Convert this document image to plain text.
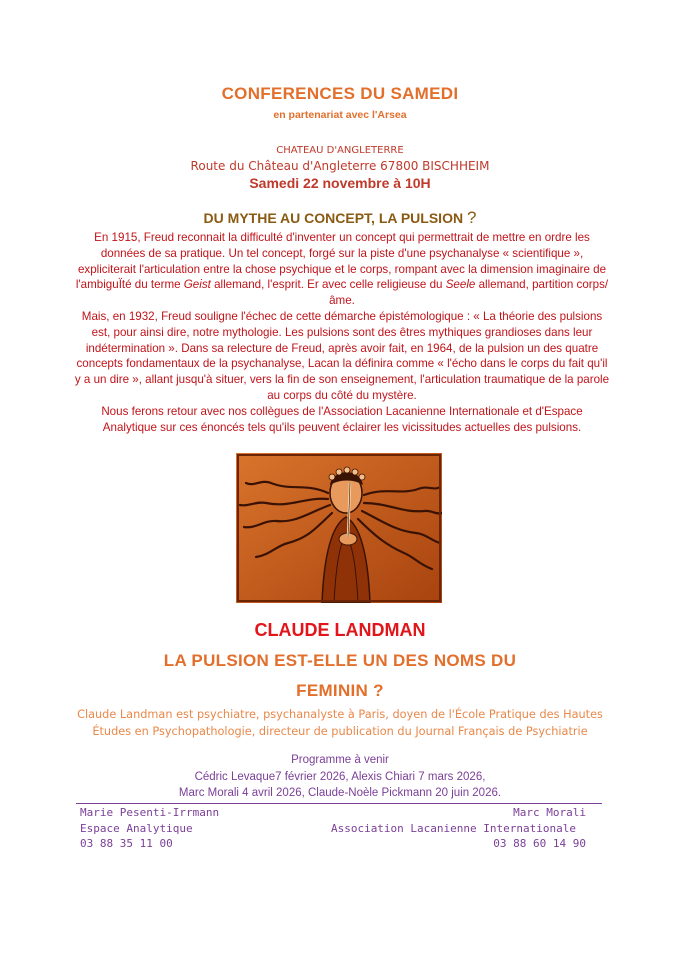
CONFERENCES DU SAMEDI
en partenariat avec l'Arsea
CHATEAU D'ANGLETERRE
Route du Château d'Angleterre 67800 BISCHHEIM
Samedi 22 novembre à 10H
DU MYTHE AU CONCEPT, LA PULSION ?

En 1915, Freud reconnait la difficulté d'inventer un concept qui permettrait de mettre en ordre les données de sa pratique. Un tel concept, forgé sur la piste d'une psychanalyse « scientifique », expliciterait l'articulation entre la chose psychique et le corps, rompant avec la dimension imaginaire de l'ambiguÏté du terme Geist allemand, l'esprit. Er avec celle religieuse du Seele allemand, partition corps/âme.

Mais, en 1932, Freud souligne l'échec de cette démarche épistémologique : « La théorie des pulsions est, pour ainsi dire, notre mythologie. Les pulsions sont des êtres mythiques grandioses dans leur indétermination ». Dans sa relecture de Freud, après avoir fait, en 1964, de la pulsion un des quatre concepts fondamentaux de la psychanalyse, Lacan la définira comme « l'écho dans le corps du fait qu'il y a un dire », allant jusqu'à situer, vers la fin de son enseignement, l'articulation traumatique de la parole au corps du côté du mystère.

Nous ferons retour avec nos collègues de l'Association Lacanienne Internationale et d'Espace Analytique sur ces énoncés tels qu'ils peuvent éclairer les vicissitudes actuelles des pulsions.

CLAUDE LANDMAN
LA PULSION EST-ELLE UN DES NOMS DU
FEMININ ?
Claude Landman est psychiatre, psychanalyste à Paris, doyen de l'École Pratique des Hautes Études en Psychopathologie, directeur de publication du Journal Français de Psychiatrie
Programme à venir
Cédric Levaque7 février 2026, Alexis Chiari 7 mars 2026,
Marc Morali 4 avril 2026, Claude-Noèle Pickmann 20 juin 2026.
Marie Pesenti-Irrmann
Espace Analytique
03 88 35 11 00
Marc Morali
Association Lacanienne Internationale
03 88 60 14 90
